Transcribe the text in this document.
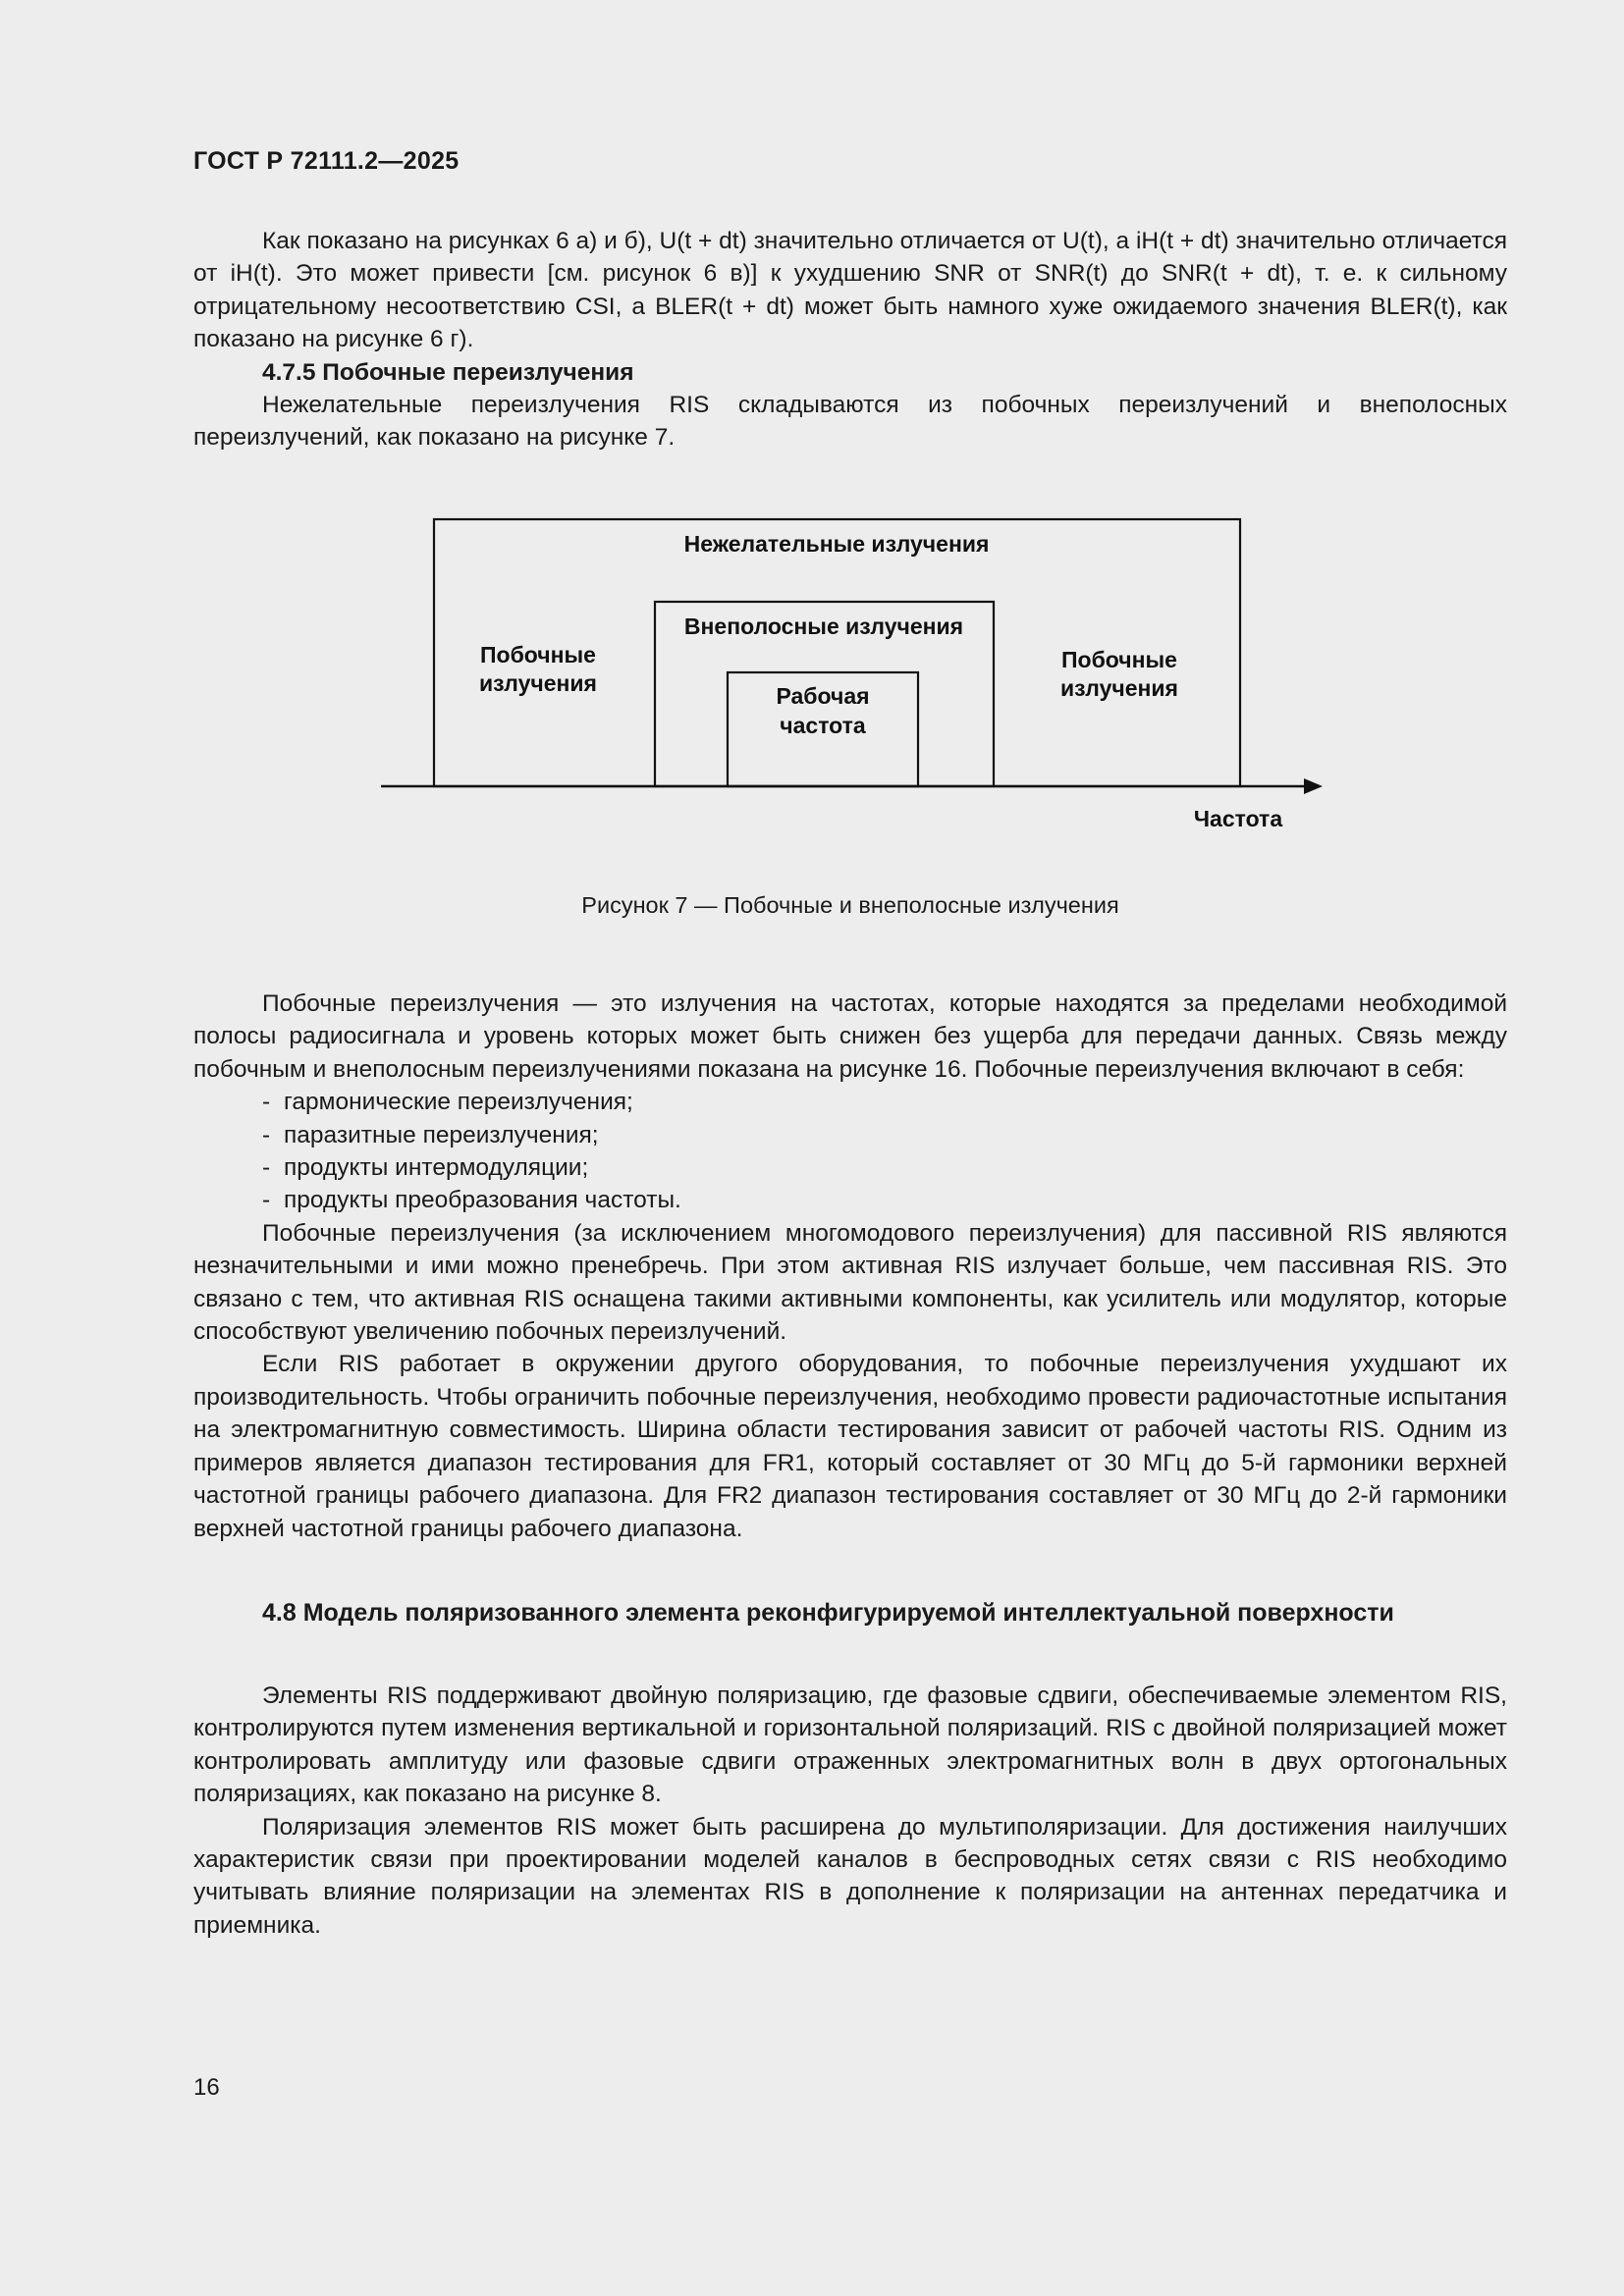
ГОСТ Р 72111.2—2025

Как показано на рисунках 6 а) и б), U(t + dt) значительно отличается от U(t), а iH(t + dt) значительно отличается от iH(t). Это может привести [см. рисунок 6 в)] к ухудшению SNR от SNR(t) до SNR(t + dt), т. е. к сильному отрицательному несоответствию CSI, а BLER(t + dt) может быть намного хуже ожидаемого значения BLER(t), как показано на рисунке 6 г).

4.7.5 Побочные переизлучения

Нежелательные переизлучения RIS складываются из побочных переизлучений и внеполосных переизлучений, как показано на рисунке 7.

Нежелательные излучения
Внеполосные излучения
Рабочая
частота
Побочные
излучения
Побочные
излучения
Частота
Рисунок 7 — Побочные и внеполосные излучения

Побочные переизлучения — это излучения на частотах, которые находятся за пределами необходимой полосы радиосигнала и уровень которых может быть снижен без ущерба для передачи данных. Связь между побочным и внеполосным переизлучениями показана на рисунке 16. Побочные переизлучения включают в себя:

- гармонические переизлучения;

- паразитные переизлучения;

- продукты интермодуляции;

- продукты преобразования частоты.

Побочные переизлучения (за исключением многомодового переизлучения) для пассивной RIS являются незначительными и ими можно пренебречь. При этом активная RIS излучает больше, чем пассивная RIS. Это связано с тем, что активная RIS оснащена такими активными компоненты, как усилитель или модулятор, которые способствуют увеличению побочных переизлучений.

Если RIS работает в окружении другого оборудования, то побочные переизлучения ухудшают их производительность. Чтобы ограничить побочные переизлучения, необходимо провести радиочастотные испытания на электромагнитную совместимость. Ширина области тестирования зависит от рабочей частоты RIS. Одним из примеров является диапазон тестирования для FR1, который составляет от 30 МГц до 5-й гармоники верхней частотной границы рабочего диапазона. Для FR2 диапазон тестирования составляет от 30 МГц до 2-й гармоники верхней частотной границы рабочего диапазона.

4.8 Модель поляризованного элемента реконфигурируемой интеллектуальной поверхности

Элементы RIS поддерживают двойную поляризацию, где фазовые сдвиги, обеспечиваемые элементом RIS, контролируются путем изменения вертикальной и горизонтальной поляризаций. RIS с двойной поляризацией может контролировать амплитуду или фазовые сдвиги отраженных электромагнитных волн в двух ортогональных поляризациях, как показано на рисунке 8.

Поляризация элементов RIS может быть расширена до мультиполяризации. Для достижения наилучших характеристик связи при проектировании моделей каналов в беспроводных сетях связи с RIS необходимо учитывать влияние поляризации на элементах RIS в дополнение к поляризации на антеннах передатчика и приемника.

16
